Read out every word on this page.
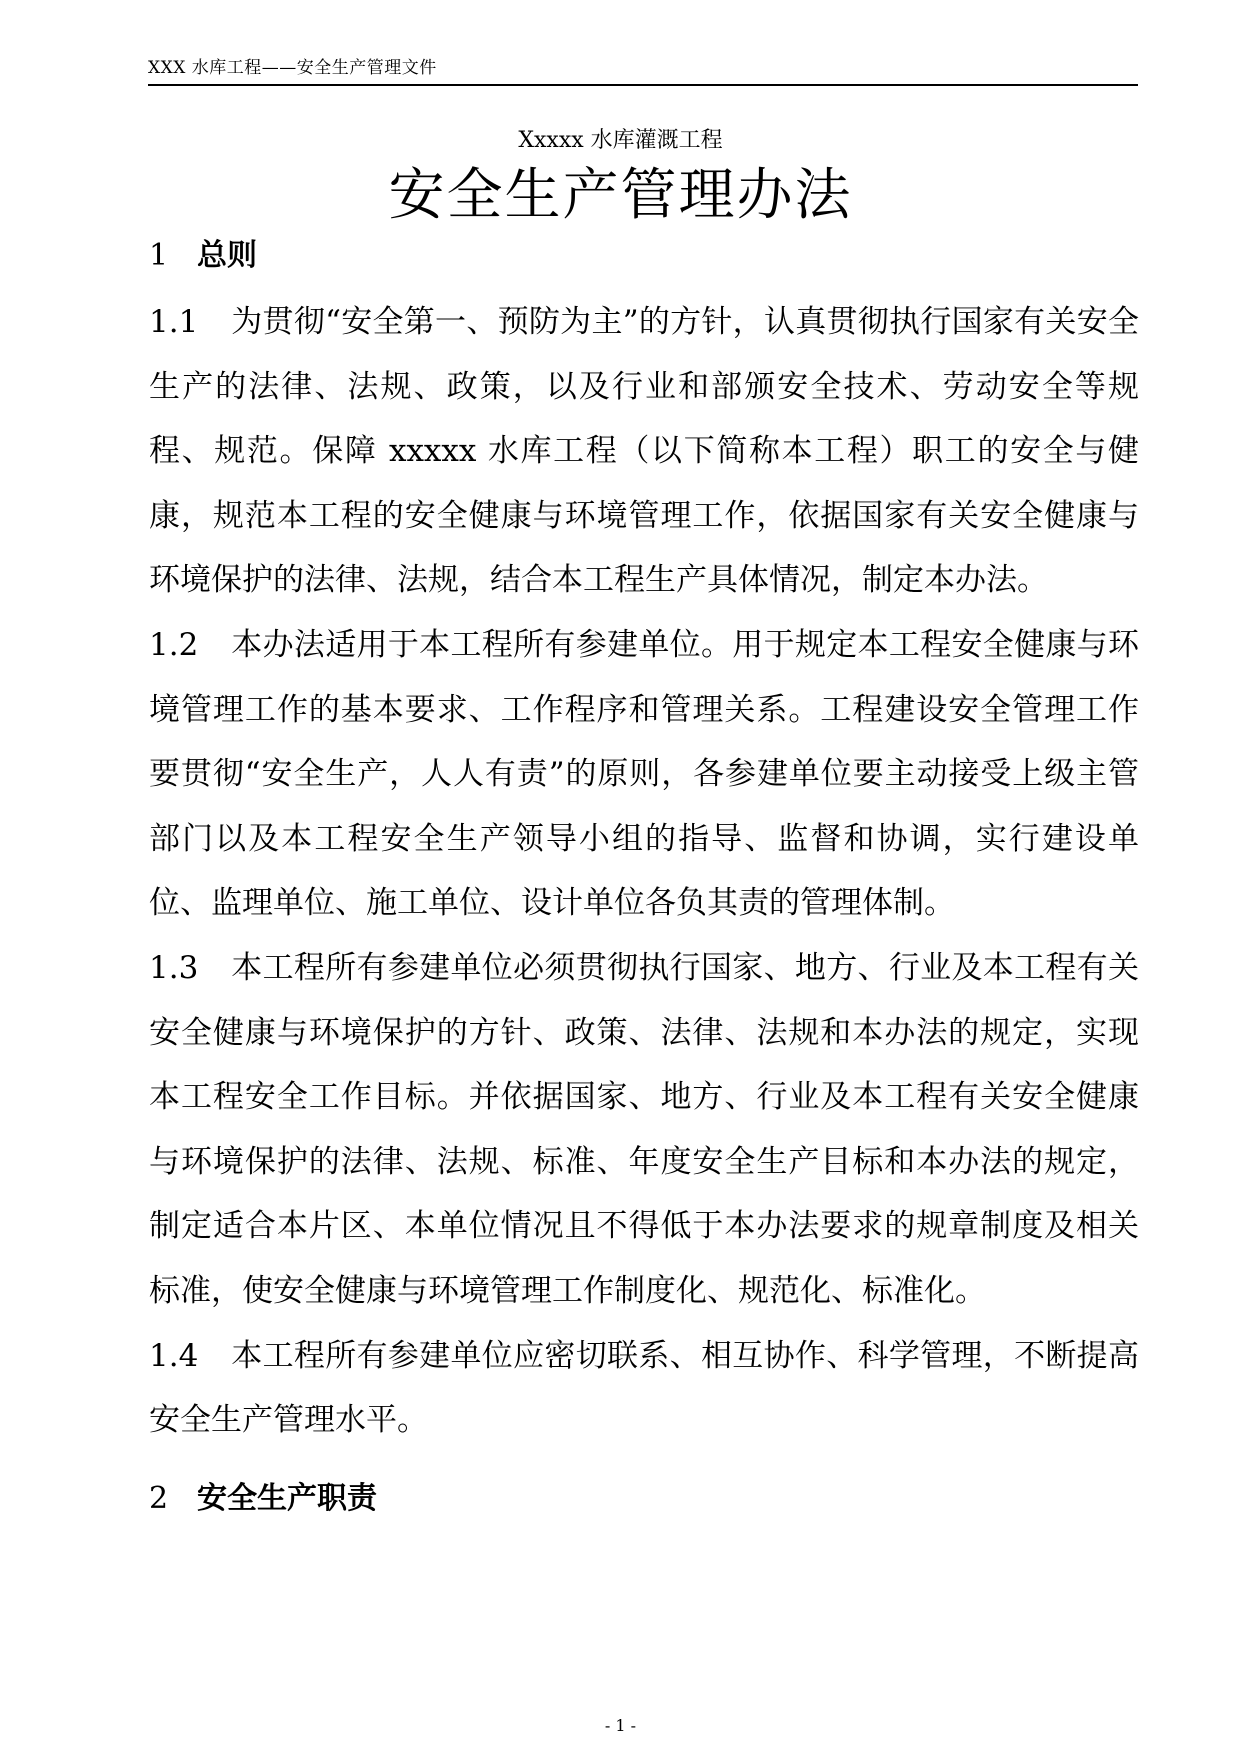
XXX 水库工程——安全生产管理文件
Xxxxx 水库灌溉工程
安全生产管理办法
1 总则
1.1 为贯彻“安全第一、预防为主”的方针，认真贯彻执行国家有关安全生产的法律、法规、政策，以及行业和部颁安全技术、劳动安全等规程、规范。保障 xxxxx 水库工程（以下简称本工程）职工的安全与健康，规范本工程的安全健康与环境管理工作，依据国家有关安全健康与环境保护的法律、法规，结合本工程生产具体情况，制定本办法。
1.2 本办法适用于本工程所有参建单位。用于规定本工程安全健康与环境管理工作的基本要求、工作程序和管理关系。工程建设安全管理工作要贯彻“安全生产，人人有责”的原则，各参建单位要主动接受上级主管部门以及本工程安全生产领导小组的指导、监督和协调，实行建设单位、监理单位、施工单位、设计单位各负其责的管理体制。
1.3 本工程所有参建单位必须贯彻执行国家、地方、行业及本工程有关安全健康与环境保护的方针、政策、法律、法规和本办法的规定，实现本工程安全工作目标。并依据国家、地方、行业及本工程有关安全健康与环境保护的法律、法规、标准、年度安全生产目标和本办法的规定，制定适合本片区、本单位情况且不得低于本办法要求的规章制度及相关标准，使安全健康与环境管理工作制度化、规范化、标准化。
1.4 本工程所有参建单位应密切联系、相互协作、科学管理，不断提高安全生产管理水平。
2 安全生产职责
- 1 -
